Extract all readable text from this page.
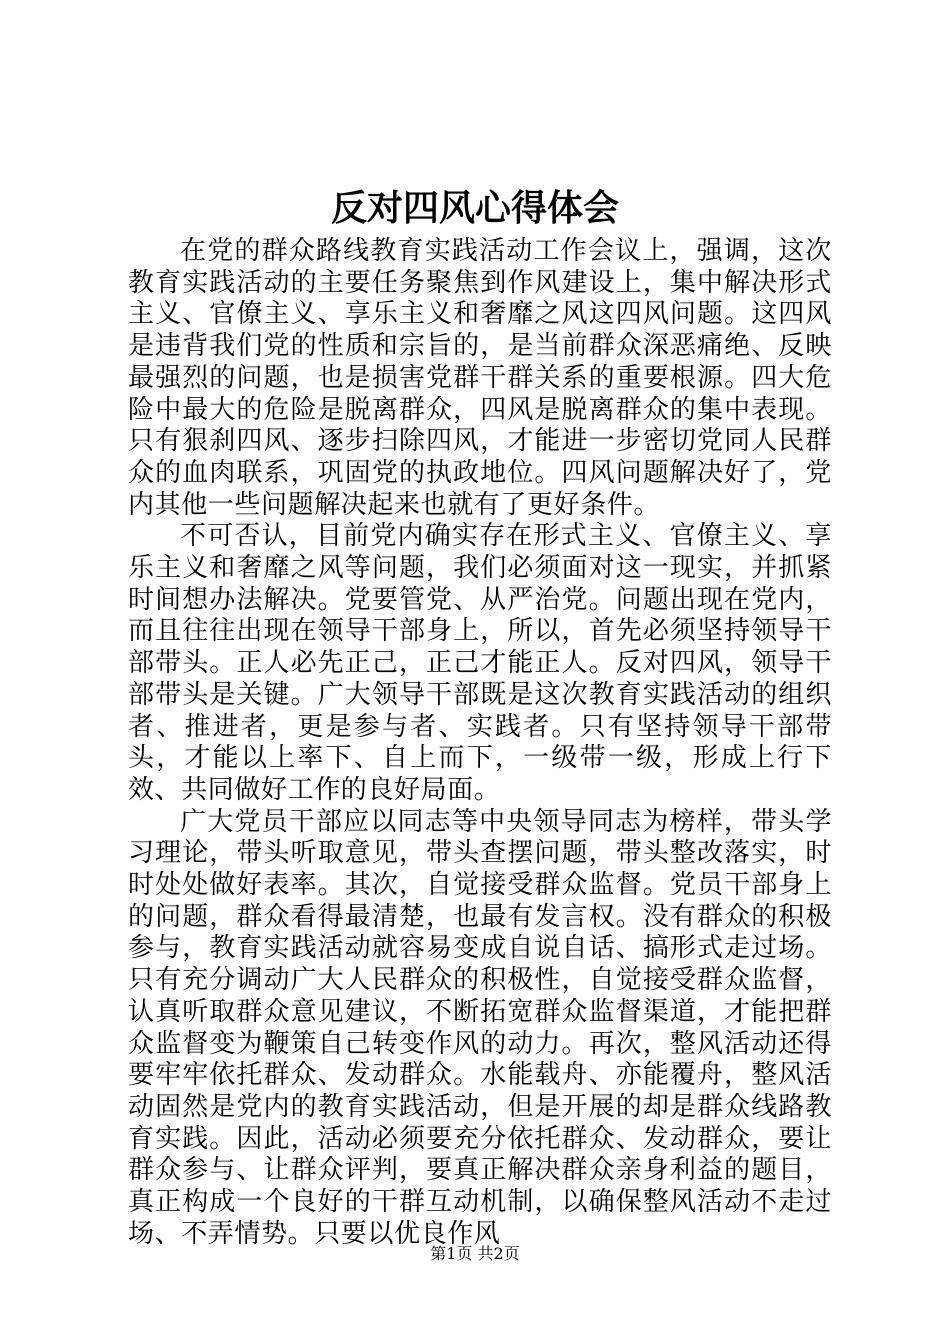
反对四风心得体会

在党的群众路线教育实践活动工作会议上，强调，这次教育实践活动的主要任务聚焦到作风建设上，集中解决形式主义、官僚主义、享乐主义和奢靡之风这四风问题。这四风是违背我们党的性质和宗旨的，是当前群众深恶痛绝、反映最强烈的问题，也是损害党群干群关系的重要根源。四大危险中最大的危险是脱离群众，四风是脱离群众的集中表现。只有狠刹四风、逐步扫除四风，才能进一步密切党同人民群众的血肉联系，巩固党的执政地位。四风问题解决好了，党内其他一些问题解决起来也就有了更好条件。

不可否认，目前党内确实存在形式主义、官僚主义、享乐主义和奢靡之风等问题，我们必须面对这一现实，并抓紧时间想办法解决。党要管党、从严治党。问题出现在党内，而且往往出现在领导干部身上，所以，首先必须坚持领导干部带头。正人必先正己，正己才能正人。反对四风，领导干部带头是关键。广大领导干部既是这次教育实践活动的组织者、推进者，更是参与者、实践者。只有坚持领导干部带头，才能以上率下、自上而下，一级带一级，形成上行下效、共同做好工作的良好局面。

广大党员干部应以同志等中央领导同志为榜样，带头学习理论，带头听取意见，带头查摆问题，带头整改落实，时时处处做好表率。其次，自觉接受群众监督。党员干部身上的问题，群众看得最清楚，也最有发言权。没有群众的积极参与，教育实践活动就容易变成自说自话、搞形式走过场。只有充分调动广大人民群众的积极性，自觉接受群众监督，认真听取群众意见建议，不断拓宽群众监督渠道，才能把群众监督变为鞭策自己转变作风的动力。再次，整风活动还得要牢牢依托群众、发动群众。水能载舟、亦能覆舟，整风活动固然是党内的教育实践活动，但是开展的却是群众线路教育实践。因此，活动必须要充分依托群众、发动群众，要让群众参与、让群众评判，要真正解决群众亲身利益的题目，真正构成一个良好的干群互动机制，以确保整风活动不走过场、不弄情势。只要以优良作风

第1页 共2页
